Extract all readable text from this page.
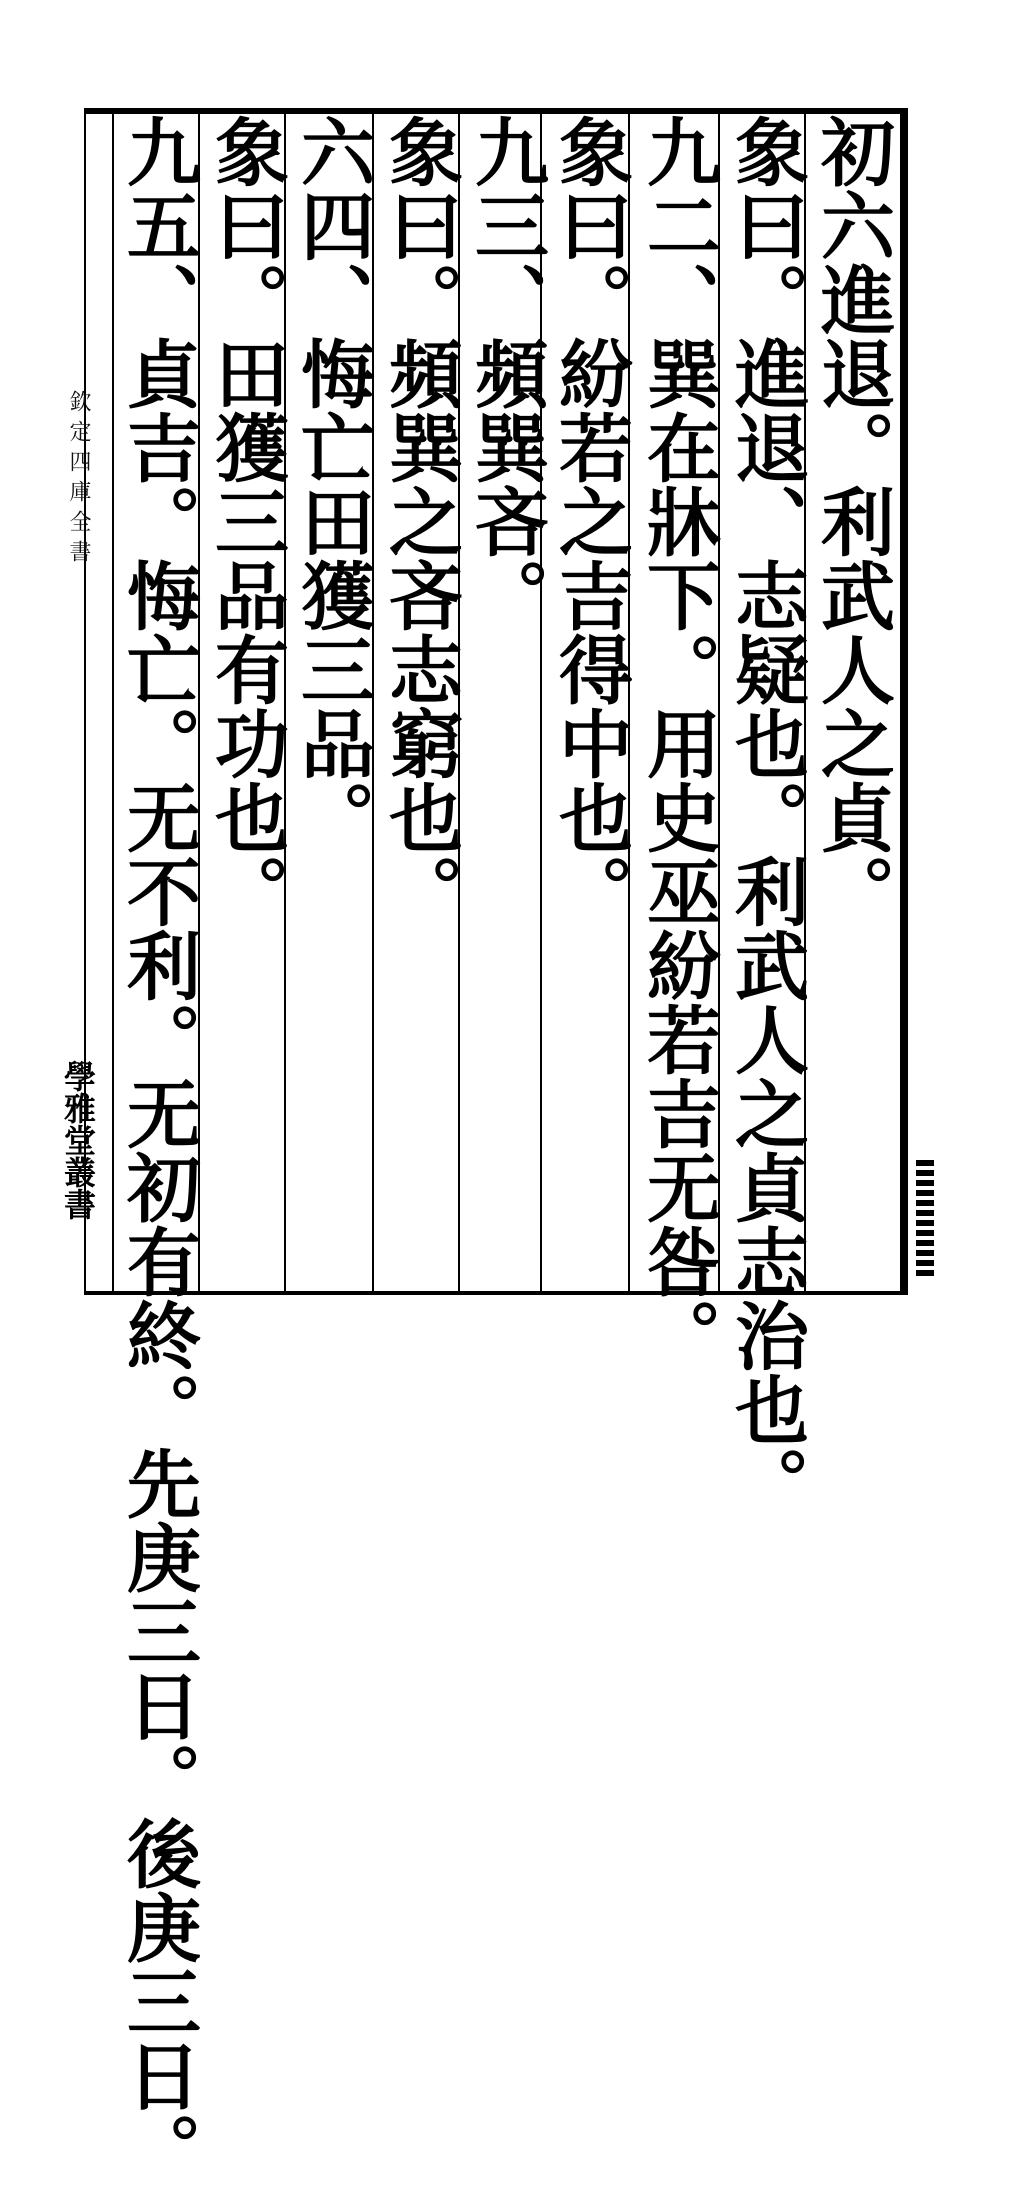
初六進退。利武人之貞。
象曰。進退、志疑也。利武人之貞志治也。
九二、巽在牀下。用史巫紛若吉无咎。
象曰。紛若之吉得中也。
九三、頻巽吝。
象曰。頻巽之吝志窮也。
六四、悔亡田獲三品。
象曰。田獲三品有功也。
九五、貞吉。悔亡。无不利。无初有終。先庚三日。後庚三日。
欽定四庫全書
學雅堂叢書
